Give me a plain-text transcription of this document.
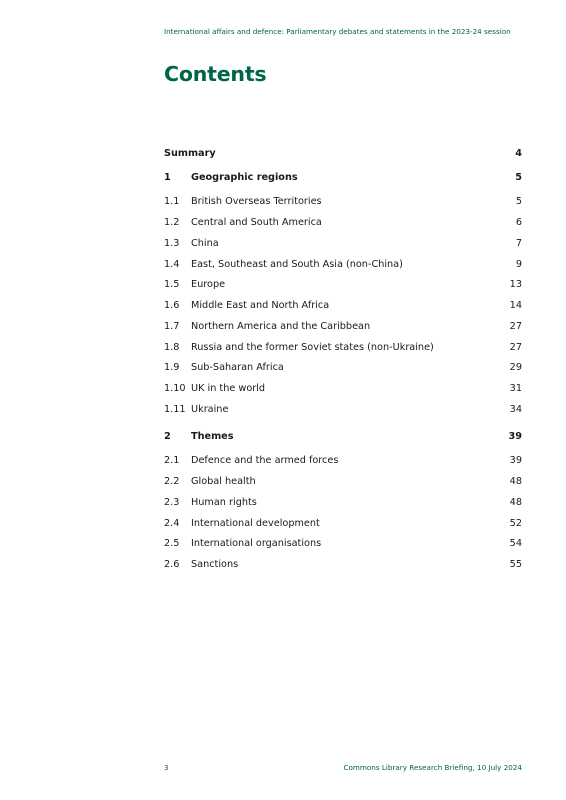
International affairs and defence: Parliamentary debates and statements in the 2023-24 session
Contents
Summary	4
1 Geographic regions	5
1.1 British Overseas Territories	5
1.2 Central and South America	6
1.3 China	7
1.4 East, Southeast and South Asia (non-China)	9
1.5 Europe	13
1.6 Middle East and North Africa	14
1.7 Northern America and the Caribbean	27
1.8 Russia and the former Soviet states (non-Ukraine)	27
1.9 Sub-Saharan Africa	29
1.10 UK in the world	31
1.11 Ukraine	34
2 Themes	39
2.1 Defence and the armed forces	39
2.2 Global health	48
2.3 Human rights	48
2.4 International development	52
2.5 International organisations	54
2.6 Sanctions	55
3	Commons Library Research Briefing, 10 July 2024
